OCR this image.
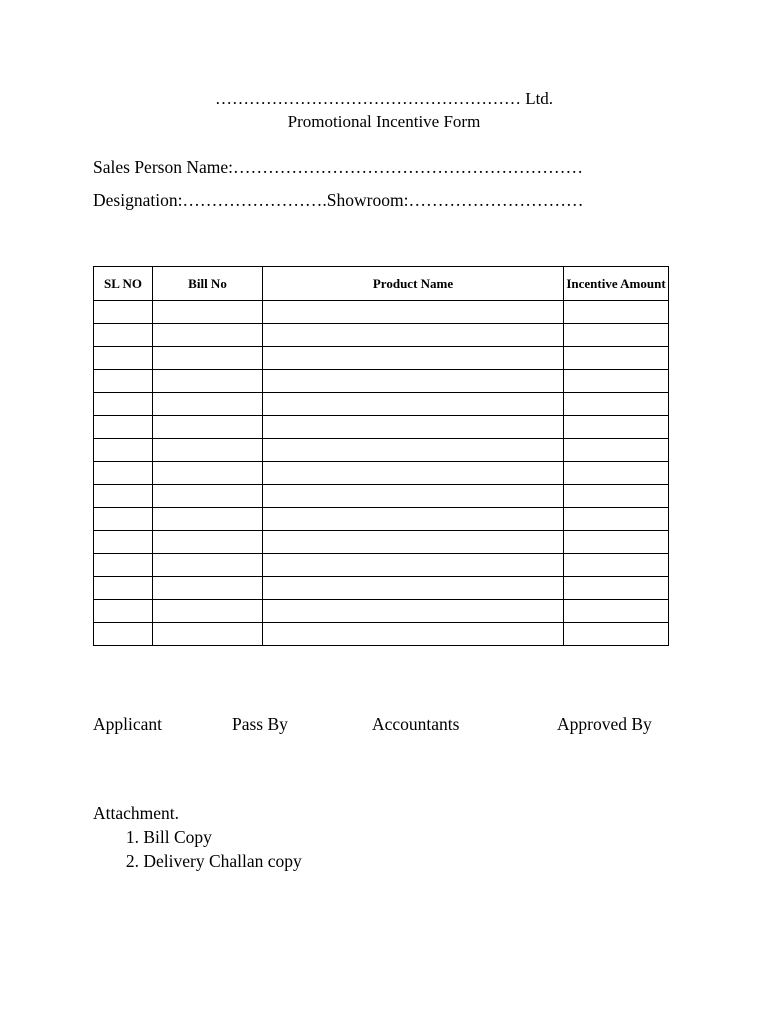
……………………………………………… Ltd.
Promotional Incentive Form
Sales Person Name:……………………………………………………
Designation:…………………….Showroom:…………………………
SL NO	Bill No	Product Name	Incentive Amount

Applicant	Pass By	Accountants	Approved By
Attachment.
1. Bill Copy
2. Delivery Challan copy
